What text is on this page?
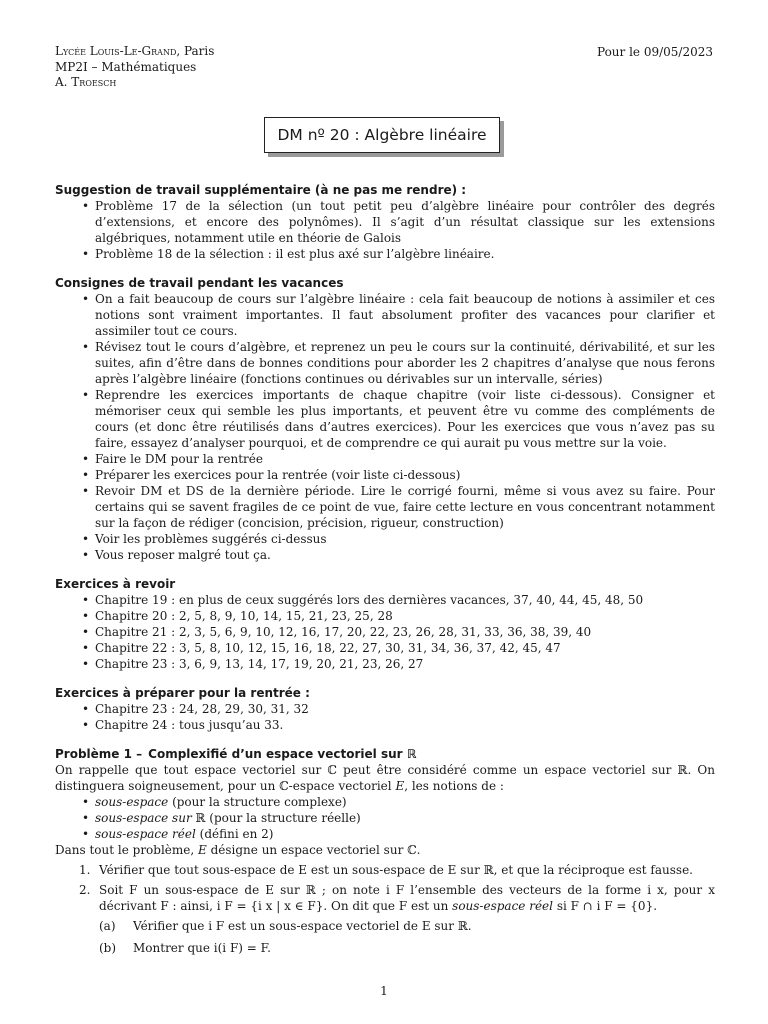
Lycée Louis-Le-Grand, Paris
MP2I – Mathématiques
A. Troesch
Pour le 09/05/2023
DM nº 20 : Algèbre linéaire
Suggestion de travail supplémentaire (à ne pas me rendre) :
• Problème 17 de la sélection (un tout petit peu d’algèbre linéaire pour contrôler des degrés d’extensions, et encore des polynômes). Il s’agit d’un résultat classique sur les extensions algébriques, notamment utile en théorie de Galois
• Problème 18 de la sélection : il est plus axé sur l’algèbre linéaire.
Consignes de travail pendant les vacances
• On a fait beaucoup de cours sur l’algèbre linéaire : cela fait beaucoup de notions à assimiler et ces notions sont vraiment importantes. Il faut absolument profiter des vacances pour clarifier et assimiler tout ce cours.
• Révisez tout le cours d’algèbre, et reprenez un peu le cours sur la continuité, dérivabilité, et sur les suites, afin d’être dans de bonnes conditions pour aborder les 2 chapitres d’analyse que nous ferons après l’algèbre linéaire (fonctions continues ou dérivables sur un intervalle, séries)
• Reprendre les exercices importants de chaque chapitre (voir liste ci-dessous). Consigner et mémoriser ceux qui semble les plus importants, et peuvent être vu comme des compléments de cours (et donc être réutilisés dans d’autres exercices). Pour les exercices que vous n’avez pas su faire, essayez d’analyser pourquoi, et de comprendre ce qui aurait pu vous mettre sur la voie.
• Faire le DM pour la rentrée
• Préparer les exercices pour la rentrée (voir liste ci-dessous)
• Revoir DM et DS de la dernière période. Lire le corrigé fourni, même si vous avez su faire. Pour certains qui se savent fragiles de ce point de vue, faire cette lecture en vous concentrant notamment sur la façon de rédiger (concision, précision, rigueur, construction)
• Voir les problèmes suggérés ci-dessus
• Vous reposer malgré tout ça.
Exercices à revoir
• Chapitre 19 : en plus de ceux suggérés lors des dernières vacances, 37, 40, 44, 45, 48, 50
• Chapitre 20 : 2, 5, 8, 9, 10, 14, 15, 21, 23, 25, 28
• Chapitre 21 : 2, 3, 5, 6, 9, 10, 12, 16, 17, 20, 22, 23, 26, 28, 31, 33, 36, 38, 39, 40
• Chapitre 22 : 3, 5, 8, 10, 12, 15, 16, 18, 22, 27, 30, 31, 34, 36, 37, 42, 45, 47
• Chapitre 23 : 3, 6, 9, 13, 14, 17, 19, 20, 21, 23, 26, 27
Exercices à préparer pour la rentrée :
• Chapitre 23 : 24, 28, 29, 30, 31, 32
• Chapitre 24 : tous jusqu’au 33.

Problème 1 – Complexifié d’un espace vectoriel sur ℝ

On rappelle que tout espace vectoriel sur ℂ peut être considéré comme un espace vectoriel sur ℝ. On distinguera soigneusement, pour un ℂ-espace vectoriel E, les notions de :

• sous-espace (pour la structure complexe)
• sous-espace sur ℝ (pour la structure réelle)
• sous-espace réel (défini en 2)

Dans tout le problème, E désigne un espace vectoriel sur ℂ.

1. Vérifier que tout sous-espace de E est un sous-espace de E sur ℝ, et que la réciproque est fausse.
2. Soit F un sous-espace de E sur ℝ ; on note i F l’ensemble des vecteurs de la forme i x, pour x décrivant F : ainsi, i F = {i x | x ∈ F}. On dit que F est un sous-espace réel si F ∩ i F = {0}.
(a) Vérifier que i F est un sous-espace vectoriel de E sur ℝ.
(b) Montrer que i(i F) = F.
1
